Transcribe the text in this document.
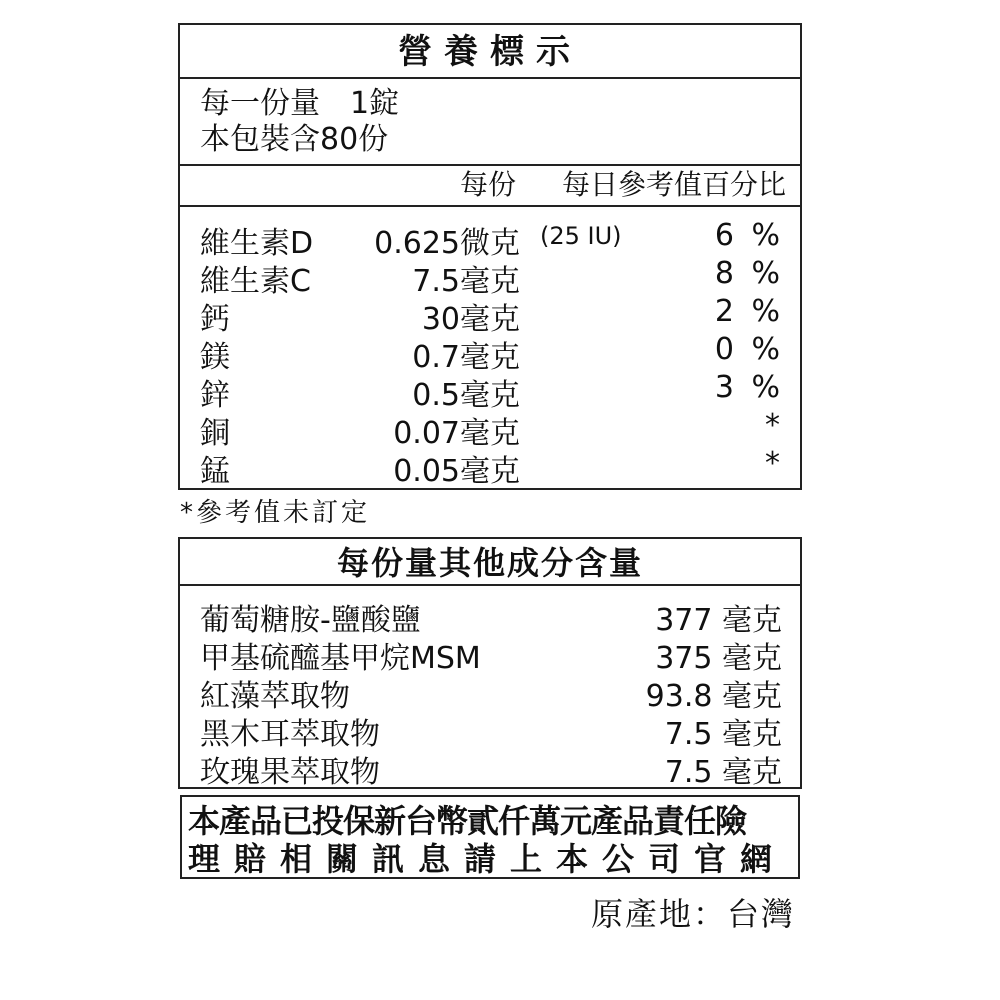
營養標示
每一份量　1錠
本包裝含80份
每份 每日參考值百分比
維生素D 0.625微克 (25 IU)	6 %
維生素C	7.5毫克	8 %
鈣	30毫克	2 %
鎂	0.7毫克	0 %
鋅	0.5毫克	3 %
銅	0.07毫克	*
錳	0.05毫克	*
*參考值未訂定
每份量其他成分含量
葡萄糖胺-鹽酸鹽	377 毫克
甲基硫醯基甲烷MSM	375 毫克
紅藻萃取物	93.8 毫克
黑木耳萃取物	7.5 毫克
玫瑰果萃取物	7.5 毫克
本產品已投保新台幣貳仟萬元產品責任險
理賠相關訊息請上本公司官網
原產地：台灣
